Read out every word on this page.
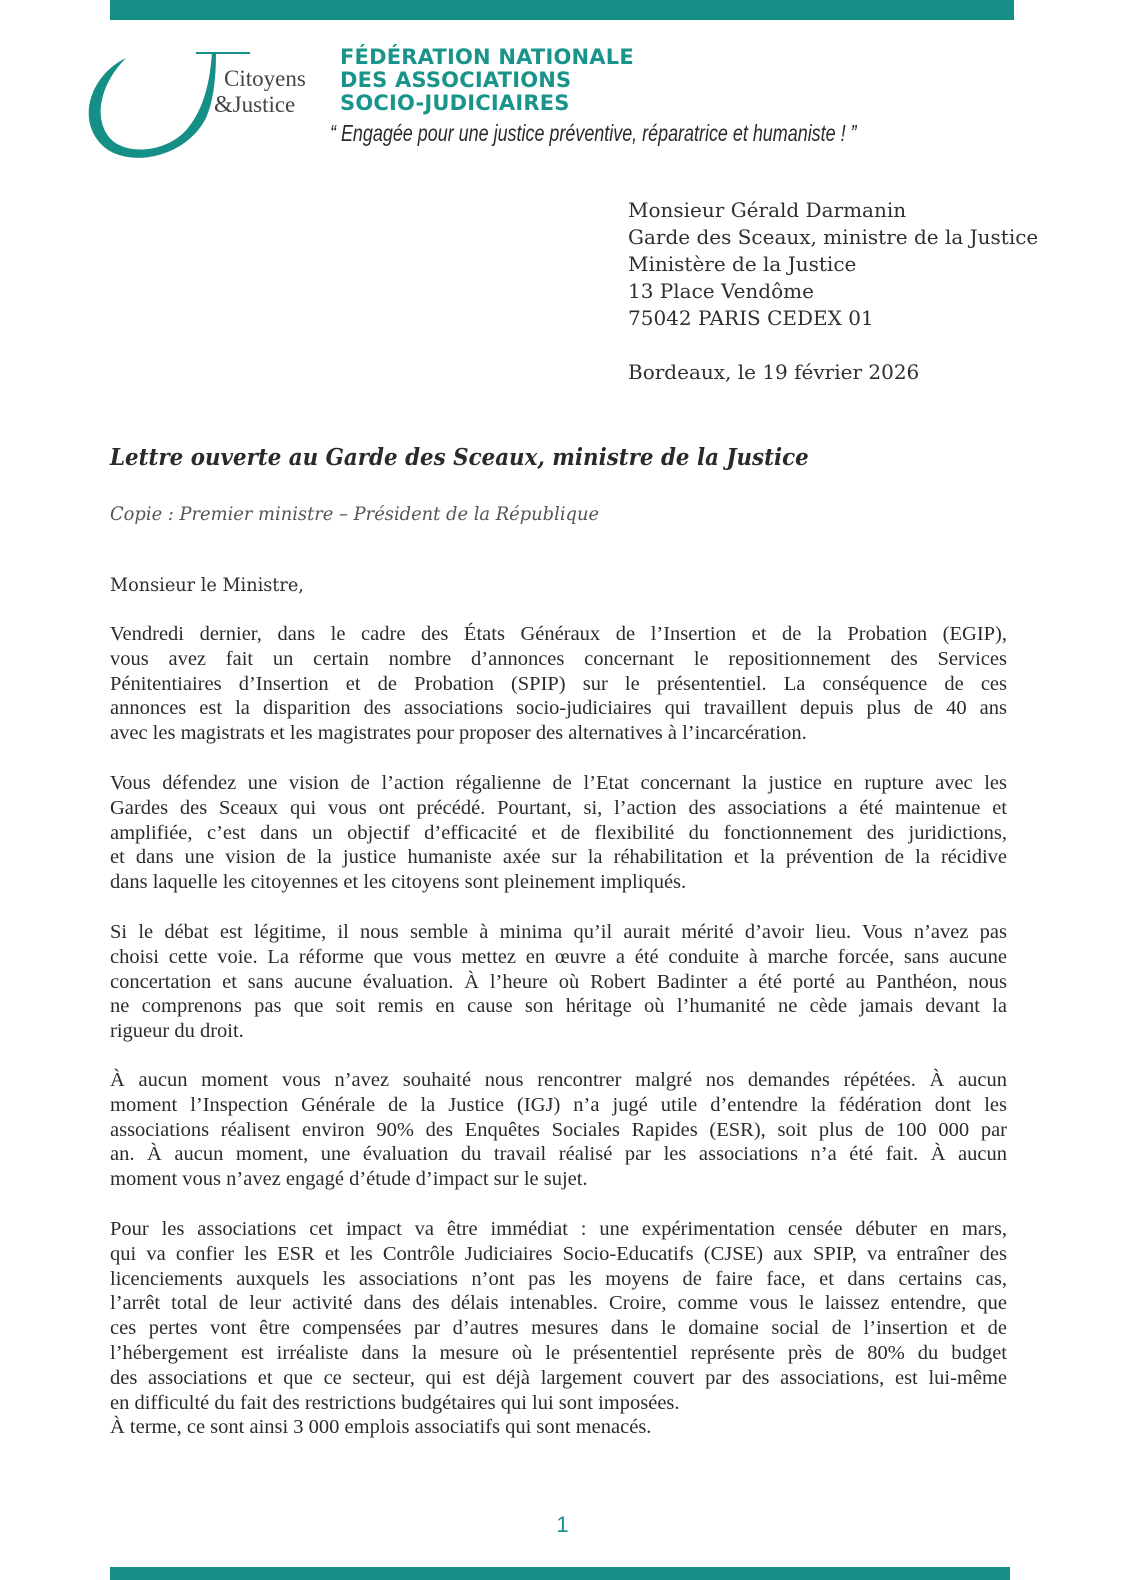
Citoyens
&Justice
FÉDÉRATION NATIONALE
DES ASSOCIATIONS
SOCIO-JUDICIAIRES
“ Engagée pour une justice préventive, réparatrice et humaniste ! ”
Monsieur Gérald Darmanin
Garde des Sceaux, ministre de la Justice
Ministère de la Justice
13 Place Vendôme
75042 PARIS CEDEX 01
Bordeaux, le 19 février 2026
Lettre ouverte au Garde des Sceaux, ministre de la Justice
Copie : Premier ministre – Président de la République
Monsieur le Ministre,
Vendredi dernier, dans le cadre des États Généraux de l’Insertion et de la Probation (EGIP),
vous avez fait un certain nombre d’annonces concernant le repositionnement des Services
Pénitentiaires d’Insertion et de Probation (SPIP) sur le présententiel. La conséquence de ces
annonces est la disparition des associations socio-judiciaires qui travaillent depuis plus de 40 ans
avec les magistrats et les magistrates pour proposer des alternatives à l’incarcération.
Vous défendez une vision de l’action régalienne de l’Etat concernant la justice en rupture avec les
Gardes des Sceaux qui vous ont précédé. Pourtant, si, l’action des associations a été maintenue et
amplifiée, c’est dans un objectif d’efficacité et de flexibilité du fonctionnement des juridictions,
et dans une vision de la justice humaniste axée sur la réhabilitation et la prévention de la récidive
dans laquelle les citoyennes et les citoyens sont pleinement impliqués.
Si le débat est légitime, il nous semble à minima qu’il aurait mérité d’avoir lieu. Vous n’avez pas
choisi cette voie. La réforme que vous mettez en œuvre a été conduite à marche forcée, sans aucune
concertation et sans aucune évaluation. À l’heure où Robert Badinter a été porté au Panthéon, nous
ne comprenons pas que soit remis en cause son héritage où l’humanité ne cède jamais devant la
rigueur du droit.
À aucun moment vous n’avez souhaité nous rencontrer malgré nos demandes répétées. À aucun
moment l’Inspection Générale de la Justice (IGJ) n’a jugé utile d’entendre la fédération dont les
associations réalisent environ 90% des Enquêtes Sociales Rapides (ESR), soit plus de 100 000 par
an. À aucun moment, une évaluation du travail réalisé par les associations n’a été fait. À aucun
moment vous n’avez engagé d’étude d’impact sur le sujet.
Pour les associations cet impact va être immédiat : une expérimentation censée débuter en mars,
qui va confier les ESR et les Contrôle Judiciaires Socio-Educatifs (CJSE) aux SPIP, va entraîner des
licenciements auxquels les associations n’ont pas les moyens de faire face, et dans certains cas,
l’arrêt total de leur activité dans des délais intenables. Croire, comme vous le laissez entendre, que
ces pertes vont être compensées par d’autres mesures dans le domaine social de l’insertion et de
l’hébergement est irréaliste dans la mesure où le présententiel représente près de 80% du budget
des associations et que ce secteur, qui est déjà largement couvert par des associations, est lui-même
en difficulté du fait des restrictions budgétaires qui lui sont imposées.
À terme, ce sont ainsi 3 000 emplois associatifs qui sont menacés.
1
